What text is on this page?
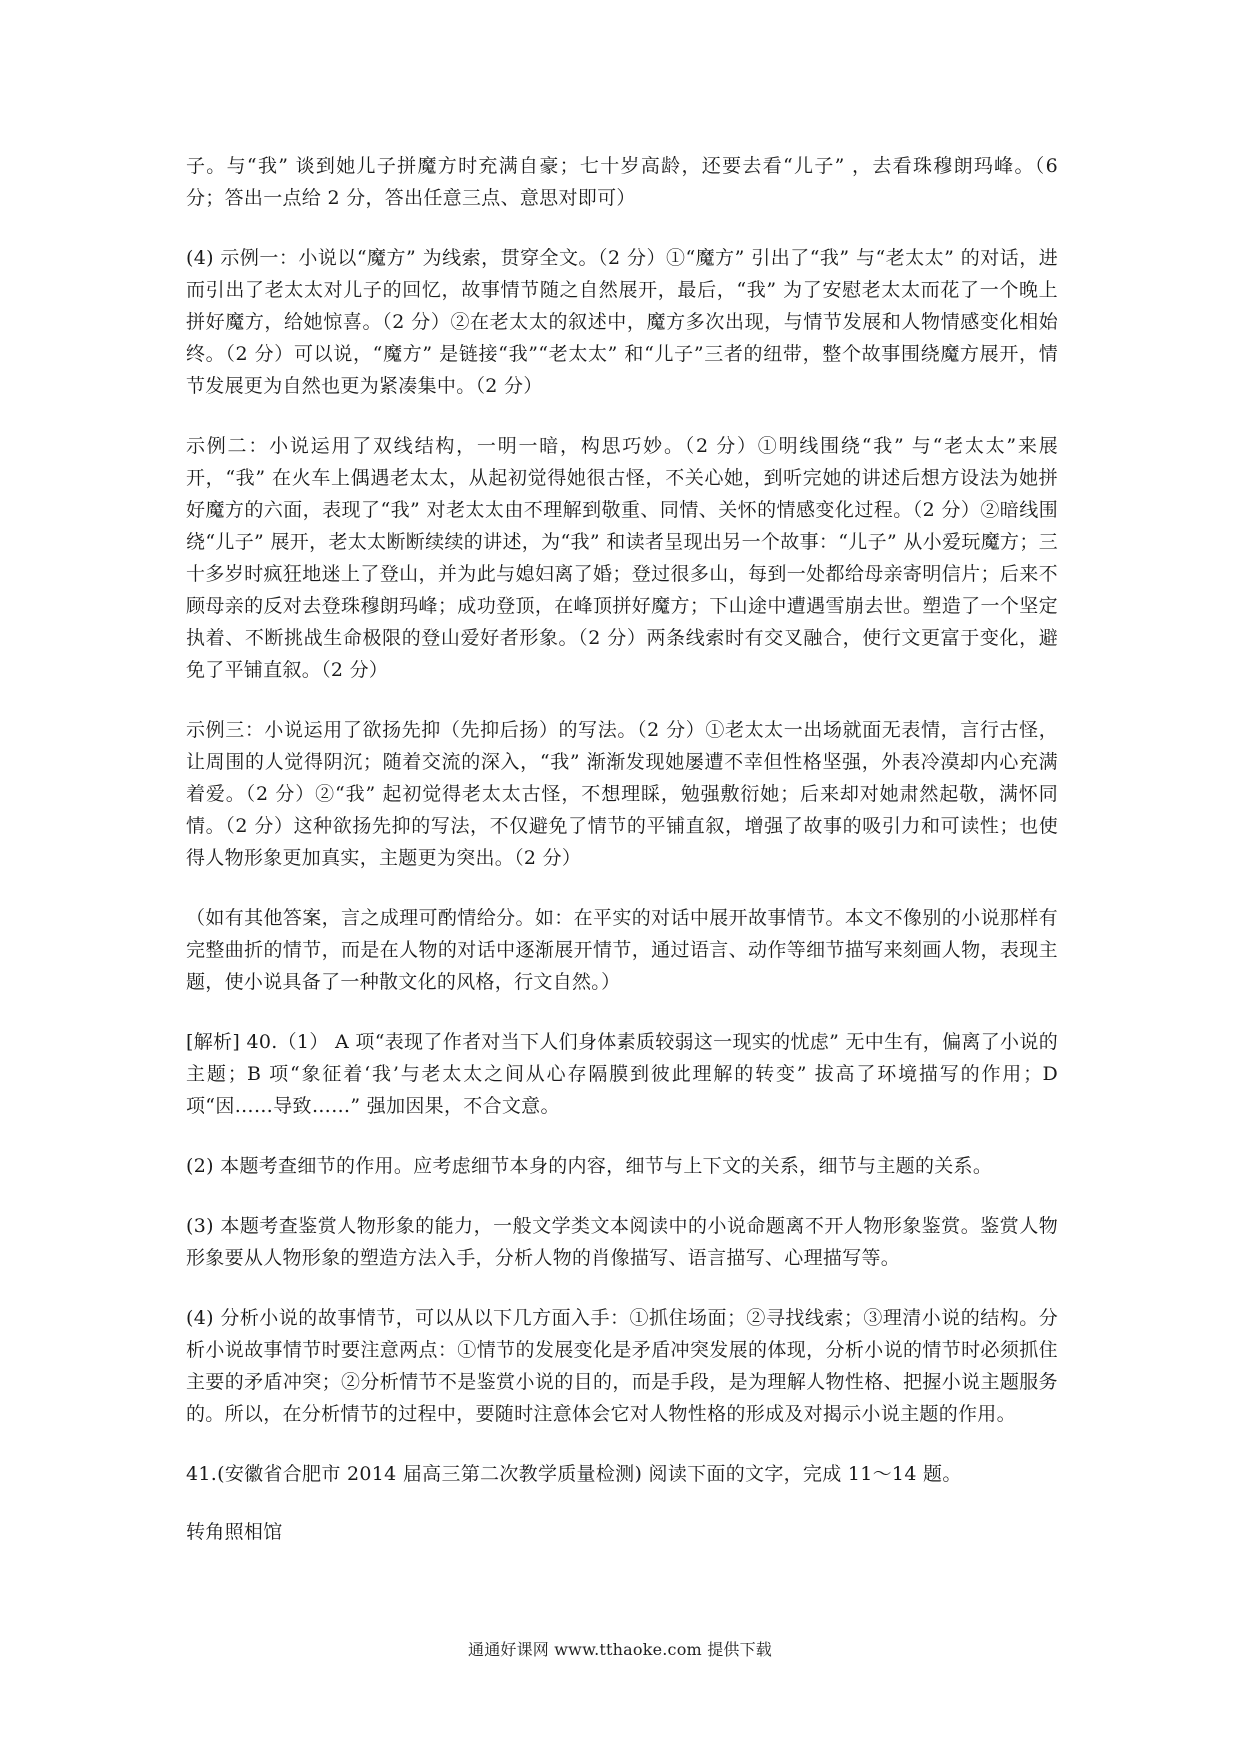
子。与“我” 谈到她儿子拼魔方时充满自豪；七十岁高龄，还要去看“儿子” ，去看珠穆朗玛峰。（6 分；答出一点给 2 分，答出任意三点、意思对即可）

(4) 示例一：小说以“魔方” 为线索，贯穿全文。（2 分）①“魔方” 引出了“我” 与“老太太” 的对话，进而引出了老太太对儿子的回忆，故事情节随之自然展开，最后，“我” 为了安慰老太太而花了一个晚上拼好魔方，给她惊喜。（2 分）②在老太太的叙述中，魔方多次出现，与情节发展和人物情感变化相始终。（2 分）可以说，“魔方” 是链接“我”“老太太” 和“儿子”三者的纽带，整个故事围绕魔方展开，情节发展更为自然也更为紧凑集中。（2 分）

示例二：小说运用了双线结构，一明一暗，构思巧妙。（2 分）①明线围绕“我” 与“老太太”来展开，“我” 在火车上偶遇老太太，从起初觉得她很古怪，不关心她，到听完她的讲述后想方设法为她拼好魔方的六面，表现了“我” 对老太太由不理解到敬重、同情、关怀的情感变化过程。（2 分）②暗线围绕“儿子” 展开，老太太断断续续的讲述，为“我” 和读者呈现出另一个故事：“儿子” 从小爱玩魔方；三十多岁时疯狂地迷上了登山，并为此与媳妇离了婚；登过很多山，每到一处都给母亲寄明信片；后来不顾母亲的反对去登珠穆朗玛峰；成功登顶，在峰顶拼好魔方；下山途中遭遇雪崩去世。塑造了一个坚定执着、不断挑战生命极限的登山爱好者形象。（2 分）两条线索时有交叉融合，使行文更富于变化，避免了平铺直叙。（2 分）

示例三：小说运用了欲扬先抑（先抑后扬）的写法。（2 分）①老太太一出场就面无表情，言行古怪，让周围的人觉得阴沉；随着交流的深入，“我” 渐渐发现她屡遭不幸但性格坚强，外表冷漠却内心充满着爱。（2 分）②“我” 起初觉得老太太古怪，不想理睬，勉强敷衍她；后来却对她肃然起敬，满怀同情。（2 分）这种欲扬先抑的写法，不仅避免了情节的平铺直叙，增强了故事的吸引力和可读性；也使得人物形象更加真实，主题更为突出。（2 分）

（如有其他答案，言之成理可酌情给分。如：在平实的对话中展开故事情节。本文不像别的小说那样有完整曲折的情节，而是在人物的对话中逐渐展开情节，通过语言、动作等细节描写来刻画人物，表现主题，使小说具备了一种散文化的风格，行文自然。）

[解析] 40.（1） A 项“表现了作者对当下人们身体素质较弱这一现实的忧虑” 无中生有，偏离了小说的主题；B 项“象征着‘我’与老太太之间从心存隔膜到彼此理解的转变” 拔高了环境描写的作用；D 项“因……导致……” 强加因果，不合文意。

(2) 本题考查细节的作用。应考虑细节本身的内容，细节与上下文的关系，细节与主题的关系。

(3) 本题考查鉴赏人物形象的能力，一般文学类文本阅读中的小说命题离不开人物形象鉴赏。鉴赏人物形象要从人物形象的塑造方法入手，分析人物的肖像描写、语言描写、心理描写等。

(4) 分析小说的故事情节，可以从以下几方面入手：①抓住场面；②寻找线索；③理清小说的结构。分析小说故事情节时要注意两点：①情节的发展变化是矛盾冲突发展的体现，分析小说的情节时必须抓住主要的矛盾冲突；②分析情节不是鉴赏小说的目的，而是手段，是为理解人物性格、把握小说主题服务的。所以，在分析情节的过程中，要随时注意体会它对人物性格的形成及对揭示小说主题的作用。

41.(安徽省合肥市 2014 届高三第二次教学质量检测) 阅读下面的文字，完成 11～14 题。

转角照相馆

通通好课网 www.tthaoke.com 提供下载
